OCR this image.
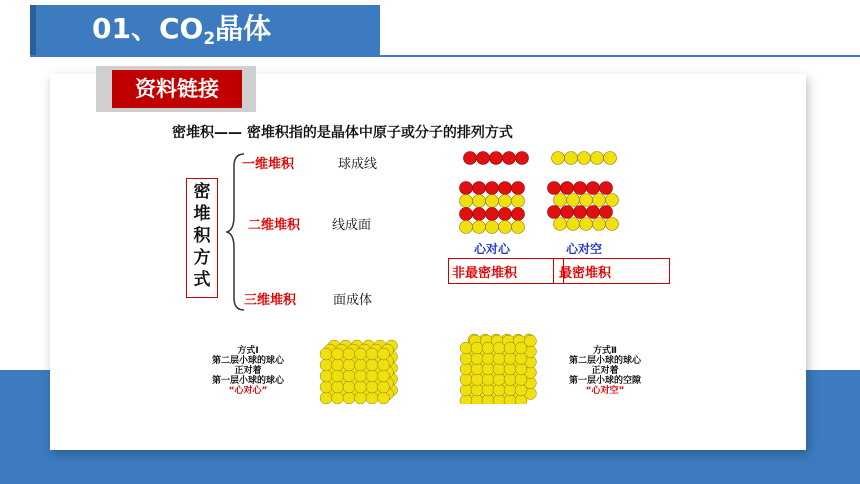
01、$CO_2$晶体
资料链接
密堆积—— 密堆积指的是晶体中原子或分子的排列方式
密
堆
积
方
式
一维堆积	球成线
二维堆积 线成面
三维堆积	面成体
心对心	心对空
非最密堆积	最密堆积
方式Ⅰ
第二层小球的球心
正对着
第一层小球的球心
“心对心”
方式Ⅱ
第二层小球的球心
正对着
第一层小球的空隙
“心对空”
